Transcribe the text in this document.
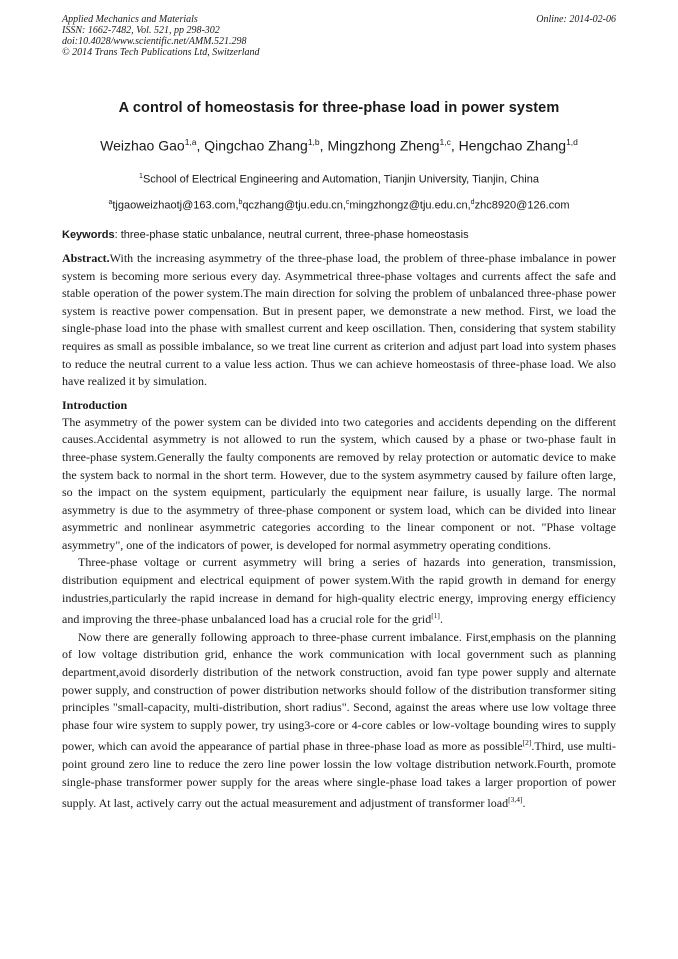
Applied Mechanics and Materials
ISSN: 1662-7482, Vol. 521, pp 298-302
doi:10.4028/www.scientific.net/AMM.521.298
© 2014 Trans Tech Publications Ltd, Switzerland
Online: 2014-02-06
A control of homeostasis for three-phase load in power system
Weizhao Gao$^{1,a}$, Qingchao Zhang$^{1,b}$, Mingzhong Zheng$^{1,c}$, Hengchao Zhang$^{1,d}$
$^1$School of Electrical Engineering and Automation, Tianjin University, Tianjin, China
$^a$tjgaoweizhaotj@163.com,$^b$qczhang@tju.edu.cn,$^c$mingzhongz@tju.edu.cn,$^d$zhc8920@126.com
Keywords: three-phase static unbalance, neutral current, three-phase homeostasis

Abstract.With the increasing asymmetry of the three-phase load, the problem of three-phase imbalance in power system is becoming more serious every day. Asymmetrical three-phase voltages and currents affect the safe and stable operation of the power system.The main direction for solving the problem of unbalanced three-phase power system is reactive power compensation. But in present paper, we demonstrate a new method. First, we load the single-phase load into the phase with smallest current and keep oscillation. Then, considering that system stability requires as small as possible imbalance, so we treat line current as criterion and adjust part load into system phases to reduce the neutral current to a value less action. Thus we can achieve homeostasis of three-phase load. We also have realized it by simulation.

Introduction

The asymmetry of the power system can be divided into two categories and accidents depending on the different causes.Accidental asymmetry is not allowed to run the system, which caused by a phase or two-phase fault in three-phase system.Generally the faulty components are removed by relay protection or automatic device to make the system back to normal in the short term. However, due to the system asymmetry caused by failure often large, so the impact on the system equipment, particularly the equipment near failure, is usually large. The normal asymmetry is due to the asymmetry of three-phase component or system load, which can be divided into linear asymmetric and nonlinear asymmetric categories according to the linear component or not. "Phase voltage asymmetry", one of the indicators of power, is developed for normal asymmetry operating conditions.

Three-phase voltage or current asymmetry will bring a series of hazards into generation, transmission, distribution equipment and electrical equipment of power system.With the rapid growth in demand for energy industries,particularly the rapid increase in demand for high-quality electric energy, improving energy efficiency and improving the three-phase unbalanced load has a crucial role for the grid[1].

Now there are generally following approach to three-phase current imbalance. First,emphasis on the planning of low voltage distribution grid, enhance the work communication with local government such as planning department,avoid disorderly distribution of the network construction, avoid fan type power supply and alternate power supply, and construction of power distribution networks should follow of the distribution transformer siting principles "small-capacity, multi-distribution, short radius". Second, against the areas where use low voltage three phase four wire system to supply power, try using3-core or 4-core cables or low-voltage bounding wires to supply power, which can avoid the appearance of partial phase in three-phase load as more as possible[2].Third, use multi-point ground zero line to reduce the zero line power lossin the low voltage distribution network.Fourth, promote single-phase transformer power supply for the areas where single-phase load takes a larger proportion of power supply. At last, actively carry out the actual measurement and adjustment of transformer load[3,4].
